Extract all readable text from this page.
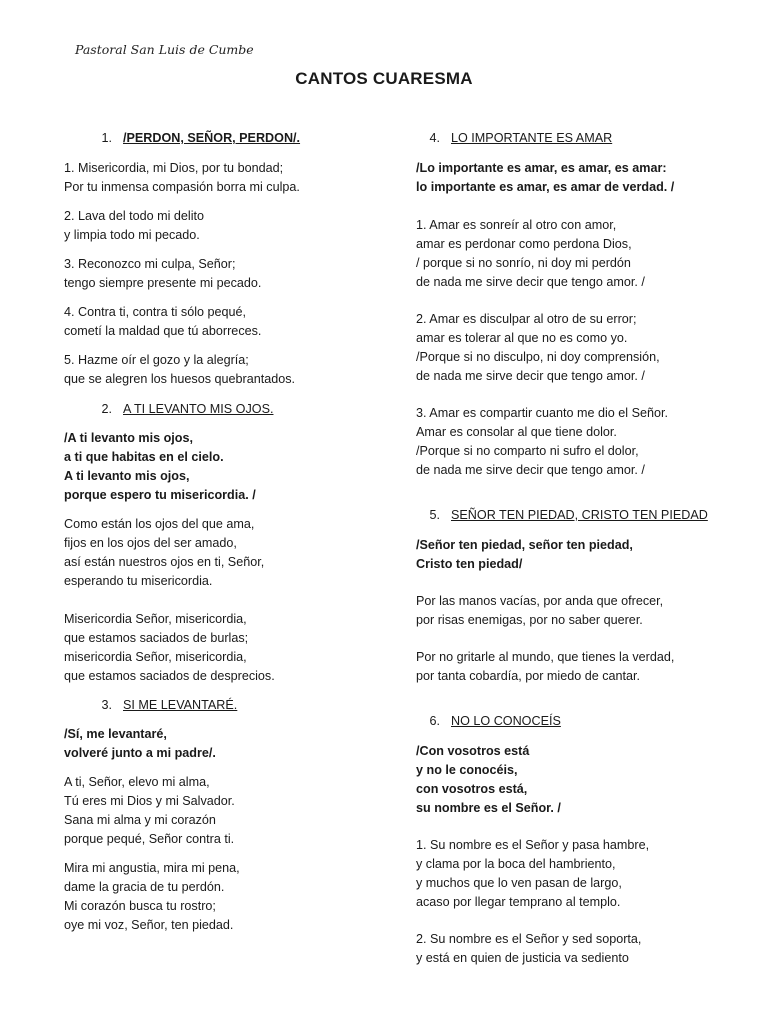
Pastoral San Luis de Cumbe
CANTOS CUARESMA
1. /PERDON, SEÑOR, PERDON/.
1. Misericordia, mi Dios, por tu bondad;
Por tu inmensa compasión borra mi culpa.
2. Lava del todo mi delito
y limpia todo mi pecado.
3. Reconozco mi culpa, Señor;
tengo siempre presente mi pecado.
4. Contra ti, contra ti sólo pequé,
cometí la maldad que tú aborreces.
5. Hazme oír el gozo y la alegría;
que se alegren los huesos quebrantados.
2. A TI LEVANTO MIS OJOS.
/A ti levanto mis ojos,
a ti que habitas en el cielo.
A ti levanto mis ojos,
porque espero tu misericordia. /
Como están los ojos del que ama,
fijos en los ojos del ser amado,
así están nuestros ojos en ti, Señor,
esperando tu misericordia.
Misericordia Señor, misericordia,
que estamos saciados de burlas;
misericordia Señor, misericordia,
que estamos saciados de desprecios.
3. SI ME LEVANTARÉ.
/Sí, me levantaré,
volveré junto a mi padre/.
A ti, Señor, elevo mi alma,
Tú eres mi Dios y mi Salvador.
Sana mi alma y mi corazón
porque pequé, Señor contra ti.
Mira mi angustia, mira mi pena,
dame la gracia de tu perdón.
Mi corazón busca tu rostro;
oye mi voz, Señor, ten piedad.
4. LO IMPORTANTE ES AMAR
/Lo importante es amar, es amar, es amar:
lo importante es amar, es amar de verdad. /
1. Amar es sonreír al otro con amor,
amar es perdonar como perdona Dios,
/ porque si no sonrío, ni doy mi perdón
de nada me sirve decir que tengo amor. /
2. Amar es disculpar al otro de su error;
amar es tolerar al que no es como yo.
/Porque si no disculpo, ni doy comprensión,
de nada me sirve decir que tengo amor. /
3. Amar es compartir cuanto me dio el Señor.
Amar es consolar al que tiene dolor.
/Porque si no comparto ni sufro el dolor,
de nada me sirve decir que tengo amor. /
5. SEÑOR TEN PIEDAD, CRISTO TEN PIEDAD
/Señor ten piedad, señor ten piedad,
Cristo ten piedad/
Por las manos vacías, por anda que ofrecer,
por risas enemigas, por no saber querer.
Por no gritarle al mundo, que tienes la verdad,
por tanta cobardía, por miedo de cantar.
6. NO LO CONOCEÍS
/Con vosotros está
y no le conocéis,
con vosotros está,
su nombre es el Señor. /
1. Su nombre es el Señor y pasa hambre,
y clama por la boca del hambriento,
y muchos que lo ven pasan de largo,
acaso por llegar temprano al templo.
2. Su nombre es el Señor y sed soporta,
y está en quien de justicia va sediento
